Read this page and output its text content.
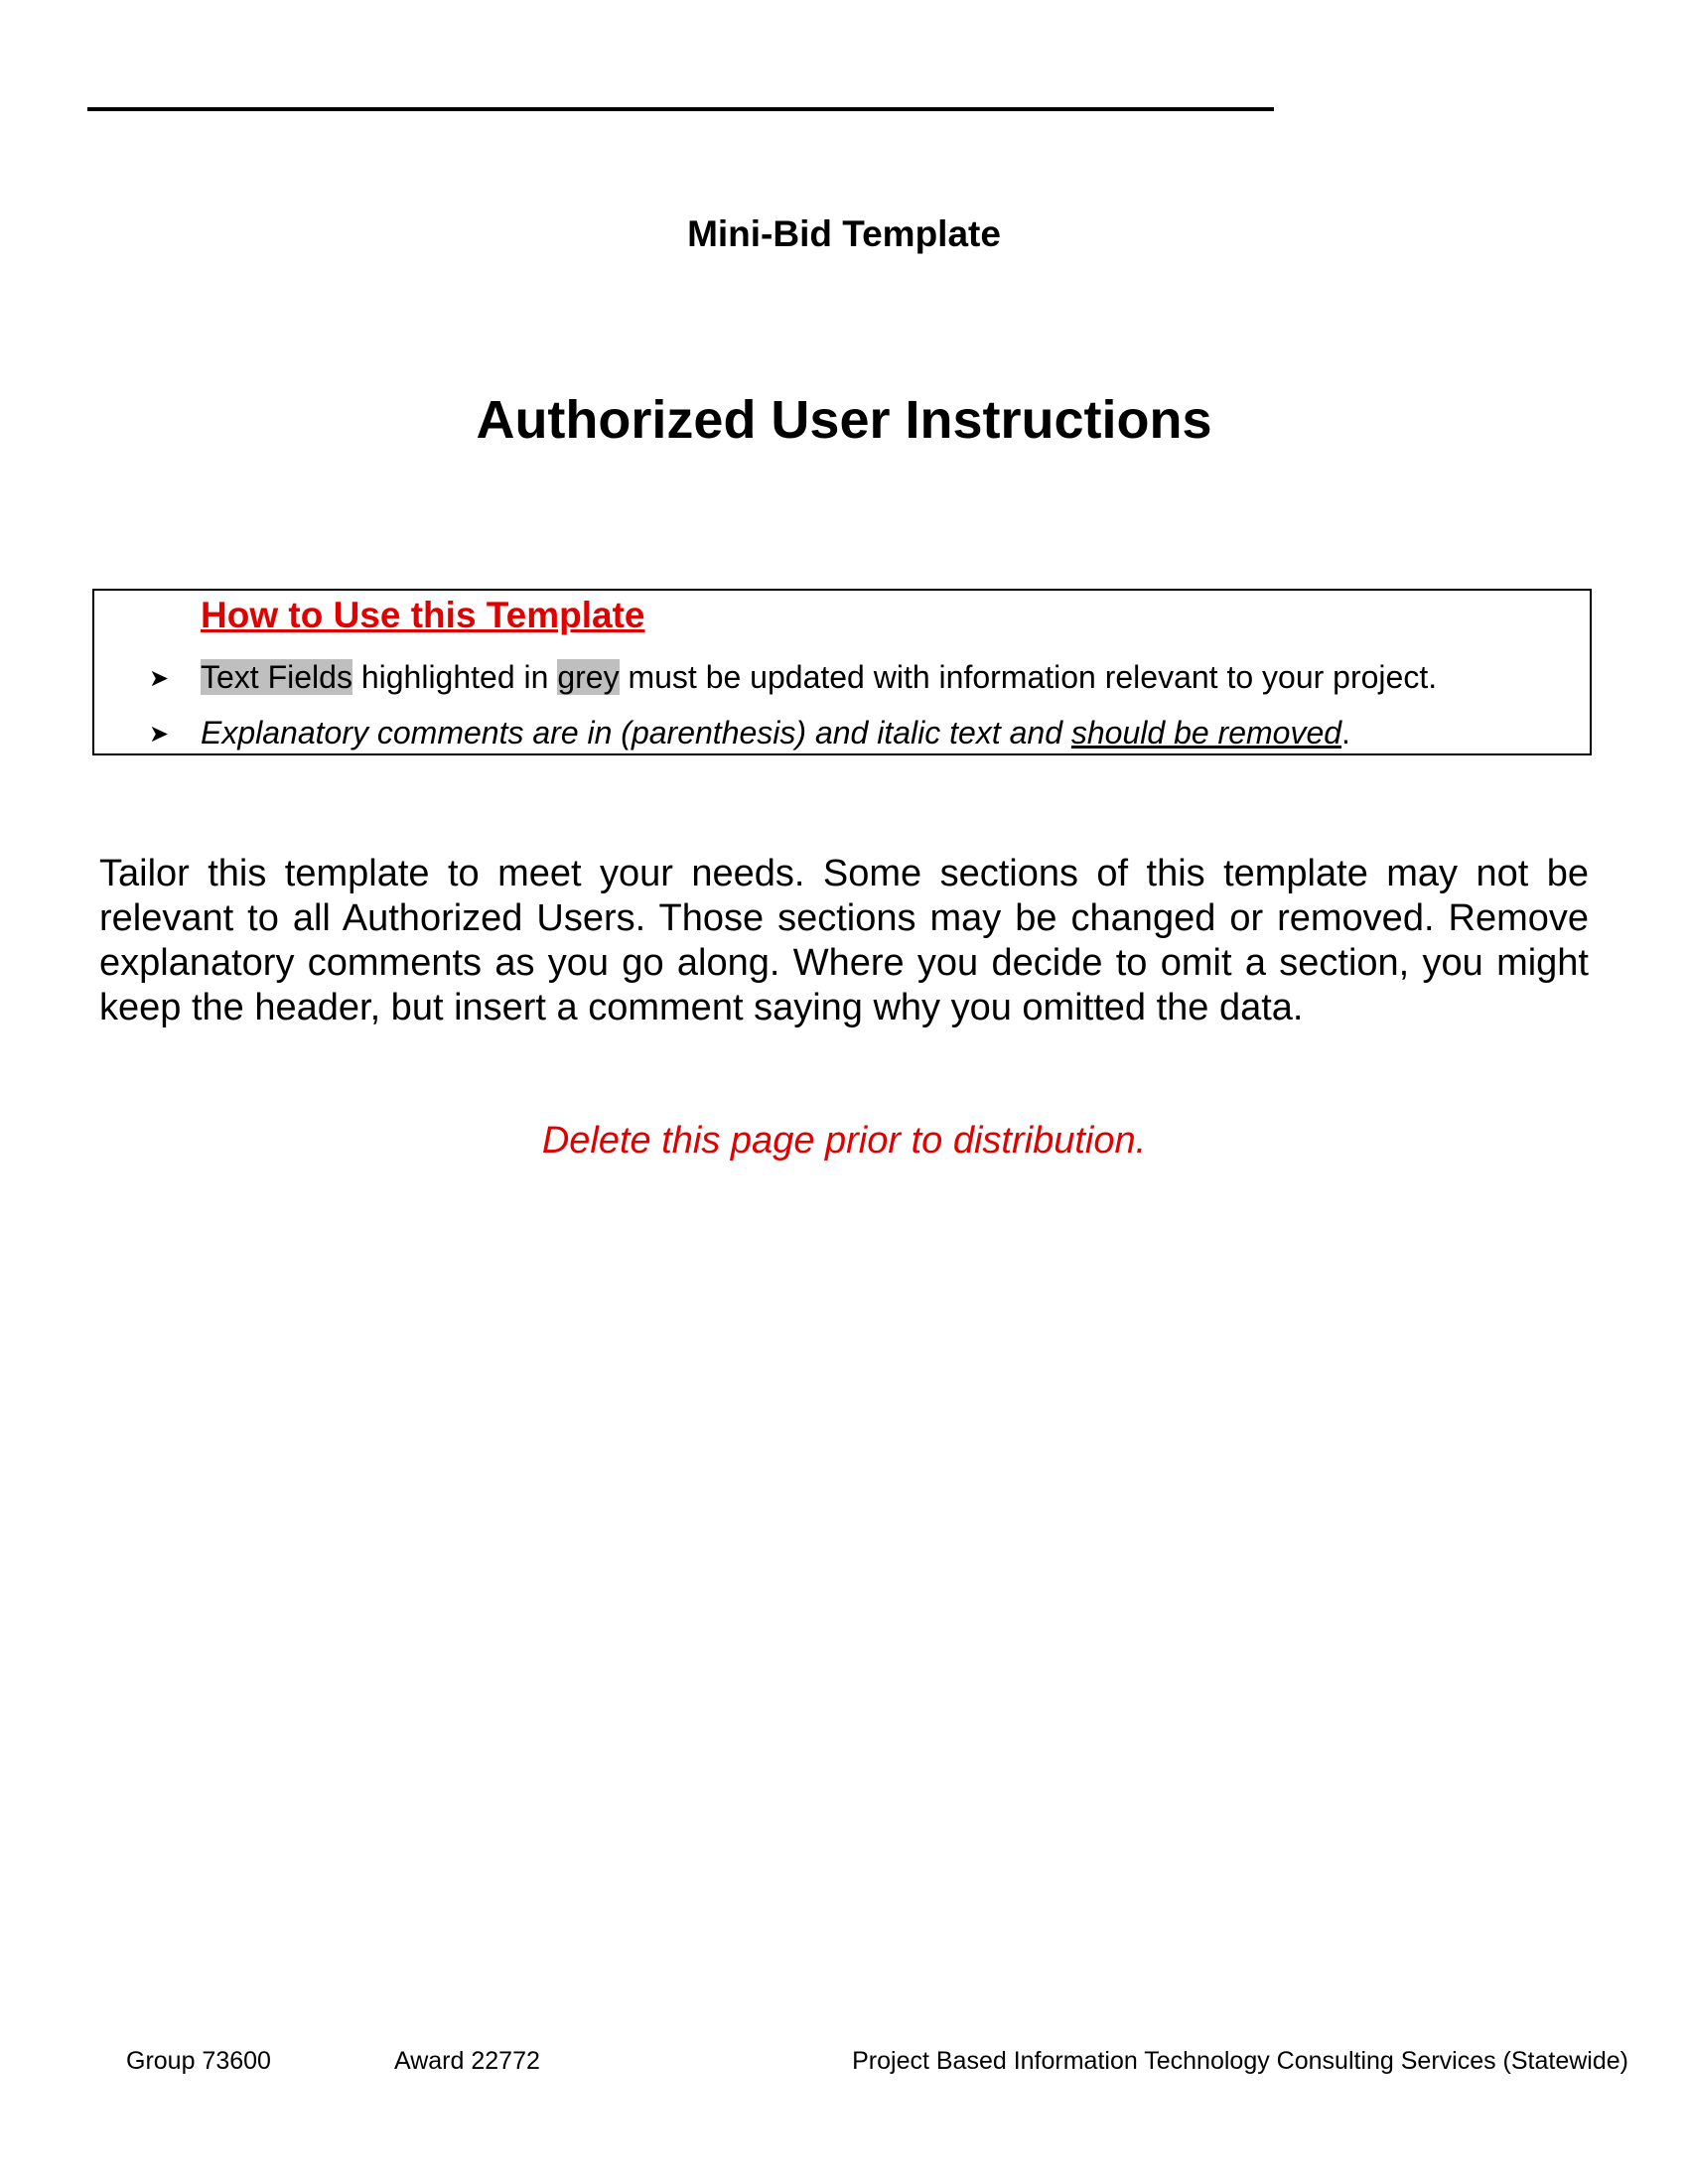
Mini-Bid Template
Authorized User Instructions
How to Use this Template
➤ Text Fields highlighted in grey must be updated with information relevant to your project.
➤ Explanatory comments are in (parenthesis) and italic text and should be removed.
Tailor this template to meet your needs. Some sections of this template may not be relevant to all Authorized Users. Those sections may be changed or removed. Remove explanatory comments as you go along. Where you decide to omit a section, you might keep the header, but insert a comment saying why you omitted the data.
Delete this page prior to distribution.
Group 73600	Award 22772	Project Based Information Technology Consulting Services (Statewide)
